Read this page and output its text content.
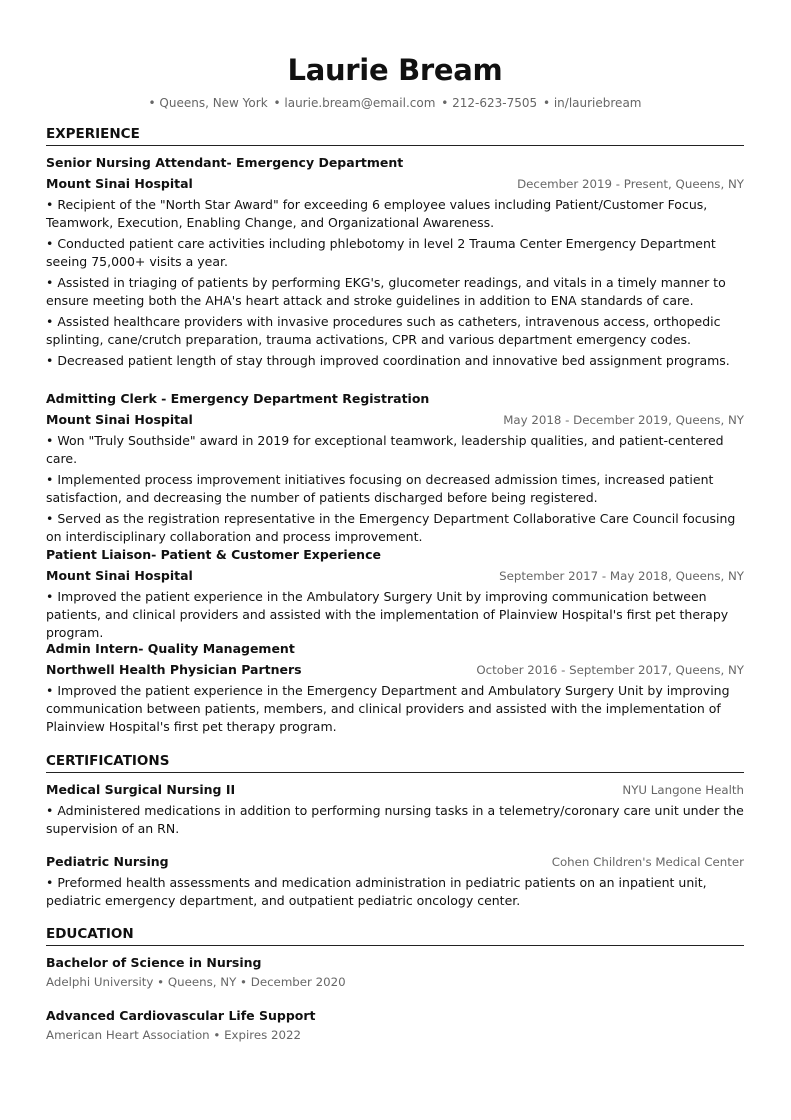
Laurie Bream
• Queens, New York • laurie.bream@email.com • 212-623-7505 • in/lauriebream
EXPERIENCE
Senior Nursing Attendant- Emergency Department
Mount Sinai Hospital	December 2019 - Present, Queens, NY
• Recipient of the "North Star Award" for exceeding 6 employee values including Patient/Customer Focus, Teamwork, Execution, Enabling Change, and Organizational Awareness.
• Conducted patient care activities including phlebotomy in level 2 Trauma Center Emergency Department seeing 75,000+ visits a year.
• Assisted in triaging of patients by performing EKG's, glucometer readings, and vitals in a timely manner to ensure meeting both the AHA's heart attack and stroke guidelines in addition to ENA standards of care.
• Assisted healthcare providers with invasive procedures such as catheters, intravenous access, orthopedic splinting, cane/crutch preparation, trauma activations, CPR and various department emergency codes.
• Decreased patient length of stay through improved coordination and innovative bed assignment programs.
Admitting Clerk - Emergency Department Registration
Mount Sinai Hospital	May 2018 - December 2019, Queens, NY
• Won "Truly Southside" award in 2019 for exceptional teamwork, leadership qualities, and patient-centered care.
• Implemented process improvement initiatives focusing on decreased admission times, increased patient satisfaction, and decreasing the number of patients discharged before being registered.
• Served as the registration representative in the Emergency Department Collaborative Care Council focusing on interdisciplinary collaboration and process improvement.
Patient Liaison- Patient & Customer Experience
Mount Sinai Hospital	September 2017 - May 2018, Queens, NY
• Improved the patient experience in the Ambulatory Surgery Unit by improving communication between patients, and clinical providers and assisted with the implementation of Plainview Hospital's first pet therapy program.
Admin Intern- Quality Management
Northwell Health Physician Partners	October 2016 - September 2017, Queens, NY
• Improved the patient experience in the Emergency Department and Ambulatory Surgery Unit by improving communication between patients, members, and clinical providers and assisted with the implementation of Plainview Hospital's first pet therapy program.
CERTIFICATIONS
Medical Surgical Nursing II	NYU Langone Health
• Administered medications in addition to performing nursing tasks in a telemetry/coronary care unit under the supervision of an RN.
Pediatric Nursing	Cohen Children's Medical Center
• Preformed health assessments and medication administration in pediatric patients on an inpatient unit, pediatric emergency department, and outpatient pediatric oncology center.
EDUCATION
Bachelor of Science in Nursing
Adelphi University • Queens, NY • December 2020
Advanced Cardiovascular Life Support
American Heart Association • Expires 2022
